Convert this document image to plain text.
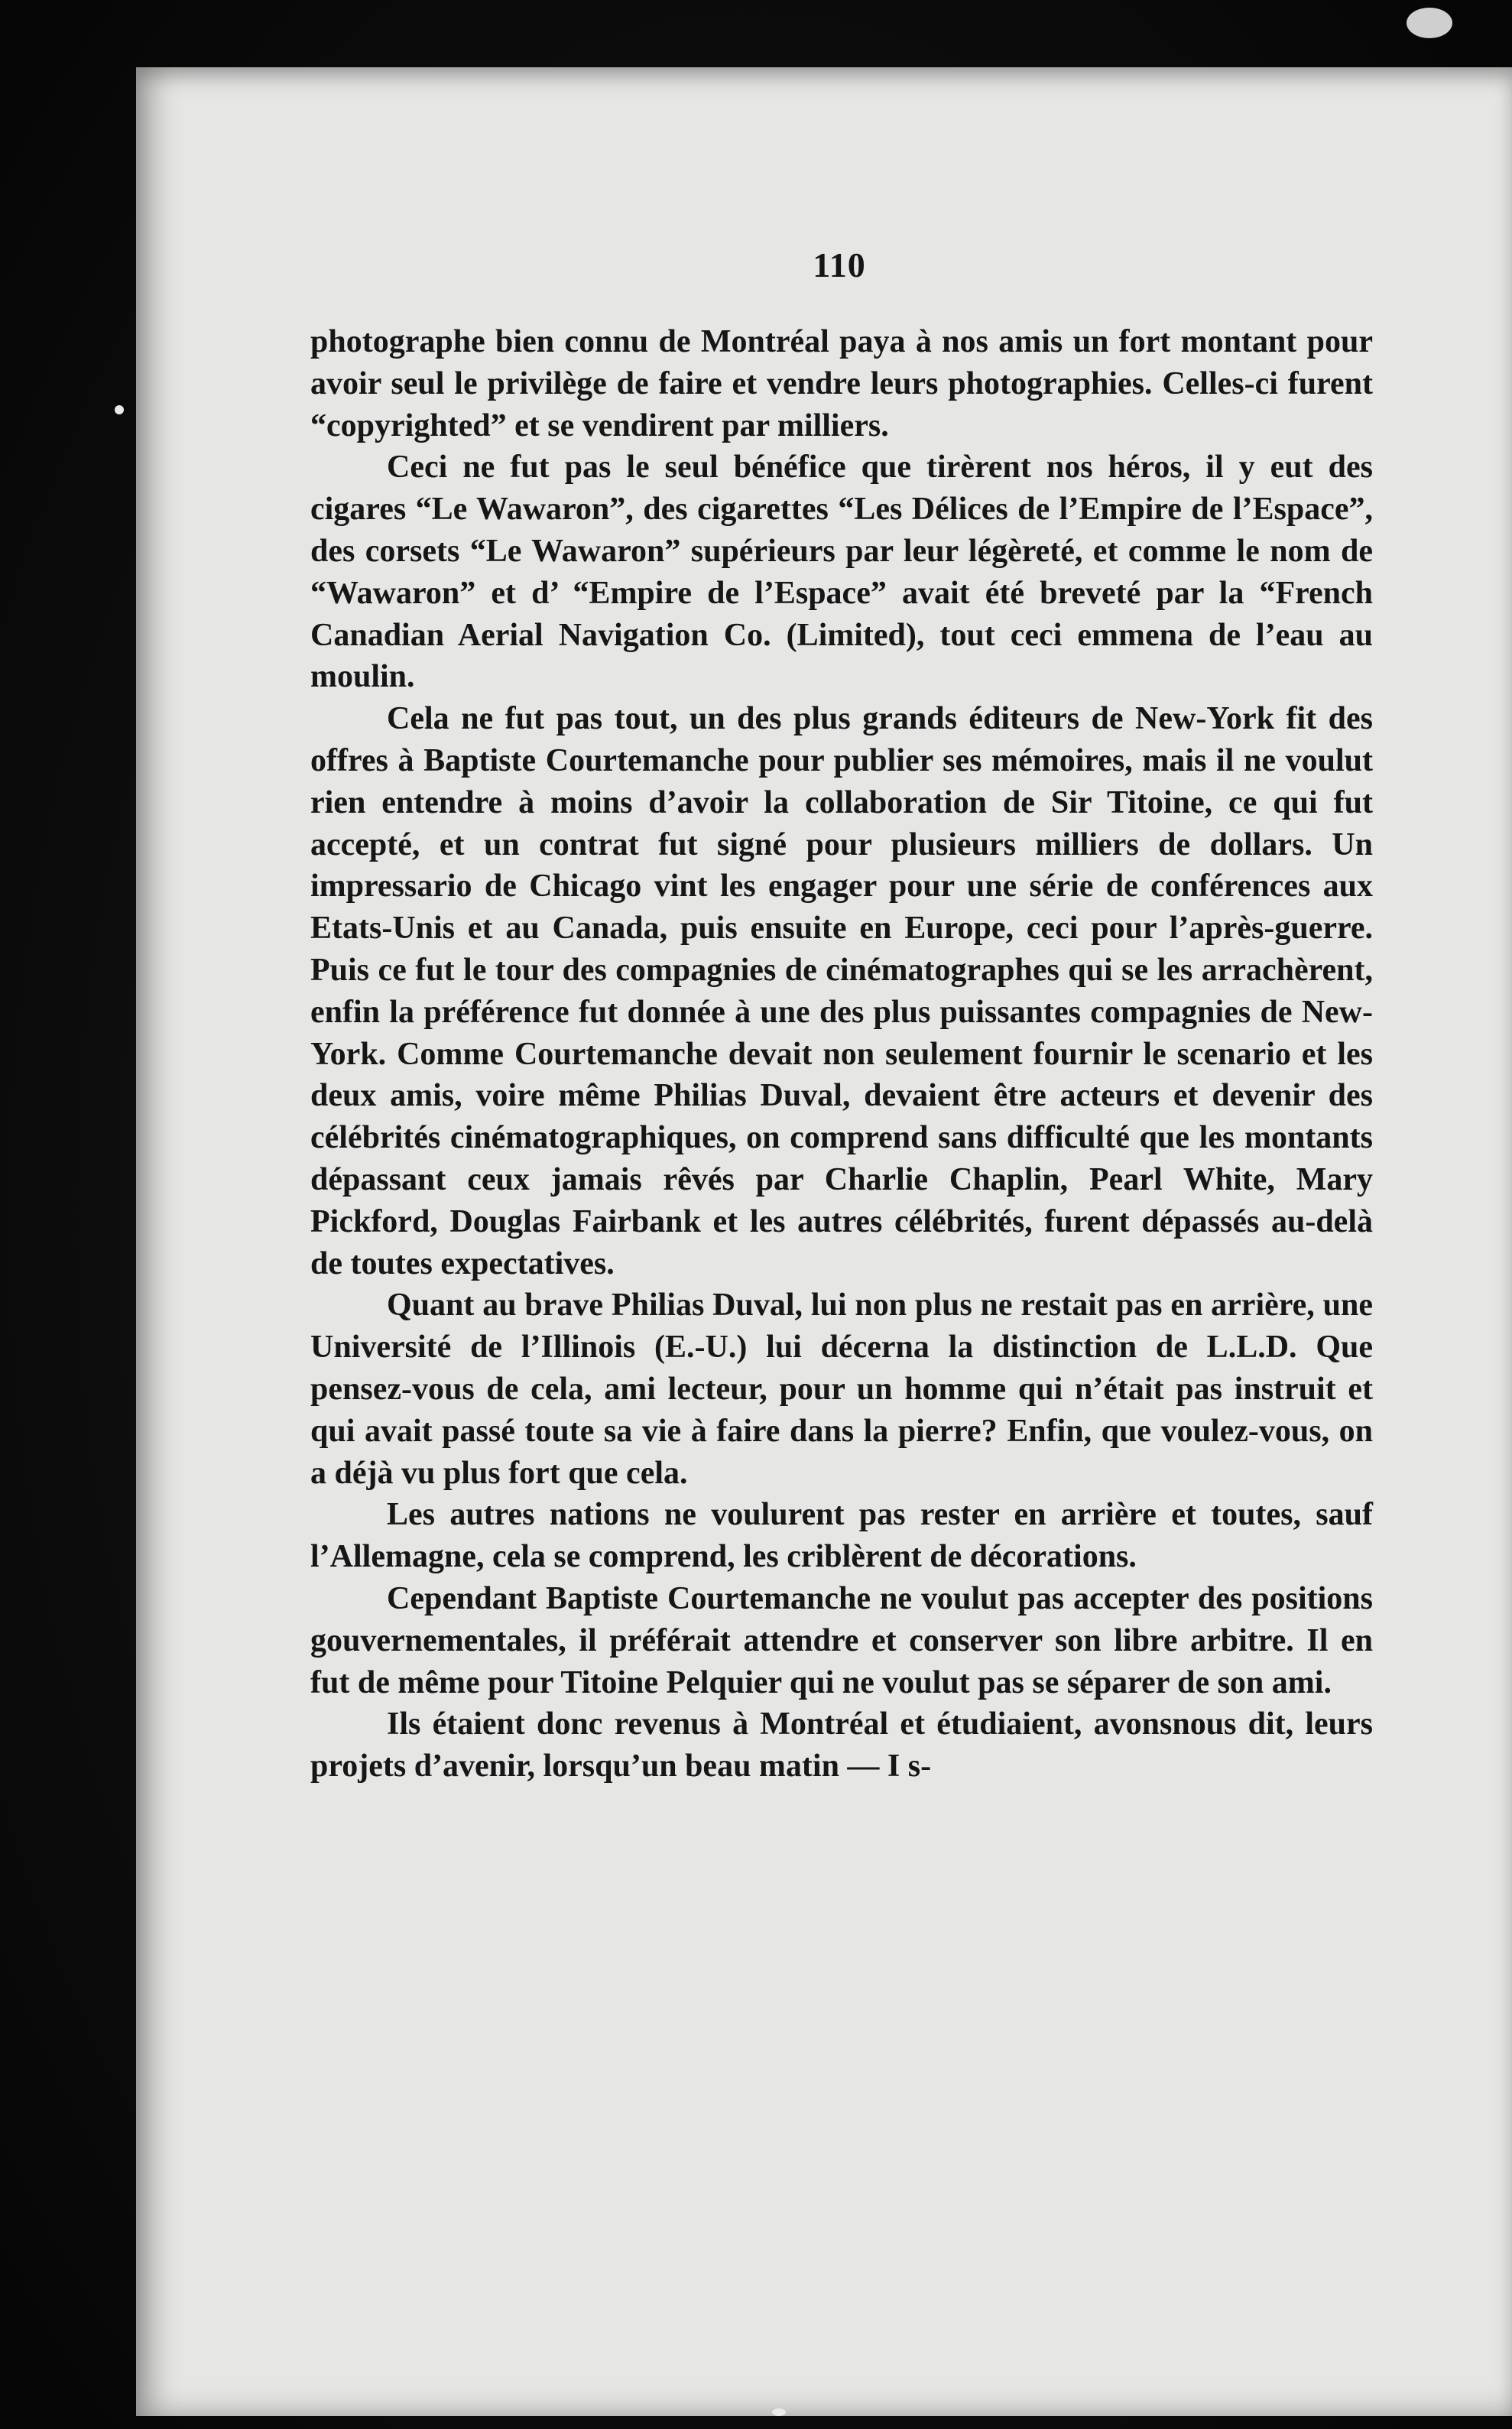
110

photographe bien connu de Montréal paya à nos amis un fort montant pour avoir seul le privilège de faire et vendre leurs photographies. Celles-ci furent “copyrighted” et se vendirent par milliers.

Ceci ne fut pas le seul bénéfice que tirèrent nos héros, il y eut des cigares “Le Wawaron”, des cigarettes “Les Délices de l’Empire de l’Espace”, des corsets “Le Wawaron” supérieurs par leur légèreté, et comme le nom de “Wawaron” et d’ “Empire de l’Espace” avait été breveté par la “French Canadian Aerial Navigation Co. (Limited), tout ceci emmena de l’eau au moulin.

Cela ne fut pas tout, un des plus grands éditeurs de New-York fit des offres à Baptiste Courtemanche pour publier ses mémoires, mais il ne voulut rien entendre à moins d’avoir la collaboration de Sir Titoine, ce qui fut accepté, et un contrat fut signé pour plusieurs milliers de dollars. Un impressario de Chicago vint les engager pour une série de conférences aux Etats-Unis et au Canada, puis ensuite en Europe, ceci pour l’après-guerre. Puis ce fut le tour des compagnies de cinématographes qui se les arrachèrent, enfin la préférence fut donnée à une des plus puissantes compagnies de New-York. Comme Courtemanche devait non seulement fournir le scenario et les deux amis, voire même Philias Duval, devaient être acteurs et devenir des célébrités cinématographiques, on comprend sans difficulté que les montants dépassant ceux jamais rêvés par Charlie Chaplin, Pearl White, Mary Pickford, Douglas Fairbank et les autres célébrités, furent dépassés au-delà de toutes expectatives.

Quant au brave Philias Duval, lui non plus ne restait pas en arrière, une Université de l’Illinois (E.-U.) lui décerna la distinction de L.L.D. Que pensez-vous de cela, ami lecteur, pour un homme qui n’était pas instruit et qui avait passé toute sa vie à faire dans la pierre? Enfin, que voulez-vous, on a déjà vu plus fort que cela.

Les autres nations ne voulurent pas rester en arrière et toutes, sauf l’Allemagne, cela se comprend, les criblèrent de décorations.

Cependant Baptiste Courtemanche ne voulut pas accepter des positions gouvernementales, il préférait attendre et conserver son libre arbitre. Il en fut de même pour Titoine Pelquier qui ne voulut pas se séparer de son ami.

Ils étaient donc revenus à Montréal et étudiaient, avonsnous dit, leurs projets d’avenir, lorsqu’un beau matin — I s-
